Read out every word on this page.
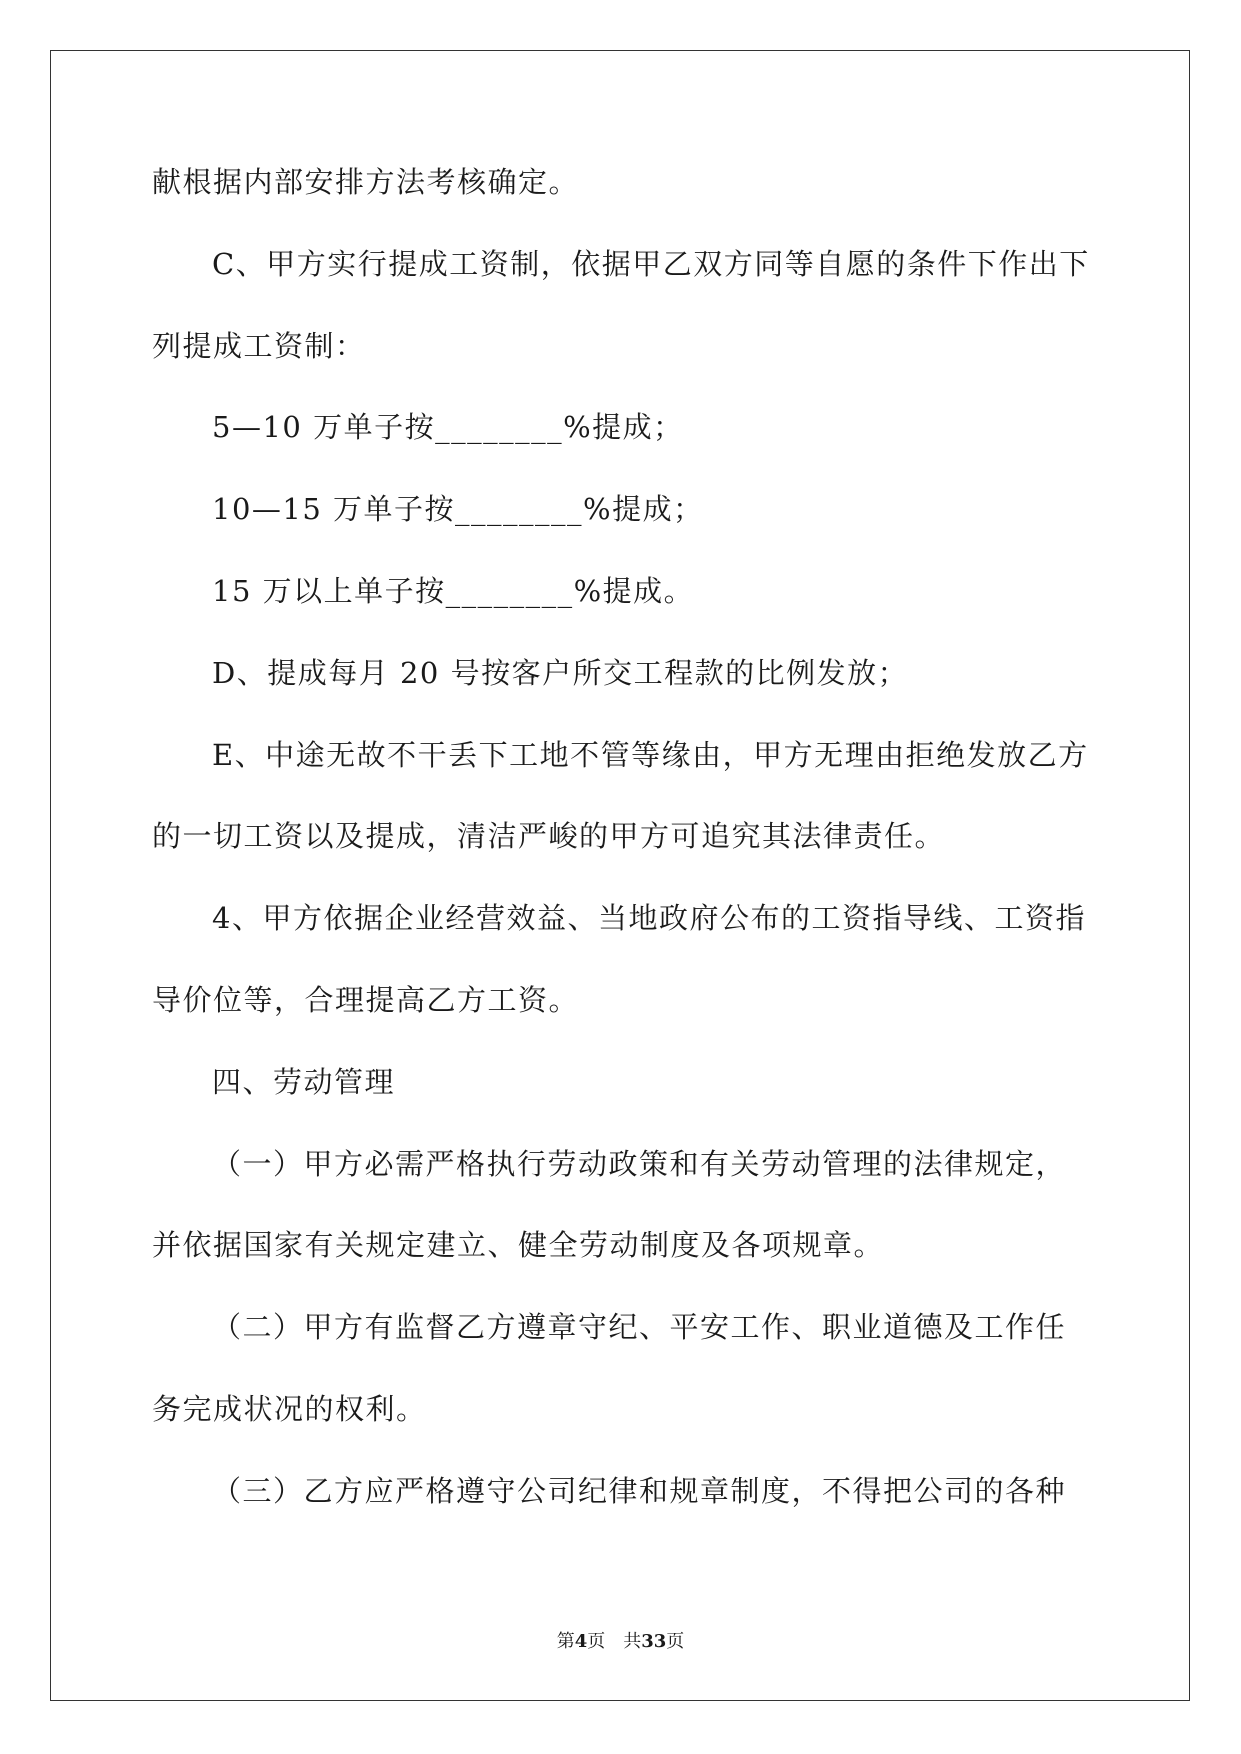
献根据内部安排方法考核确定。
C、甲方实行提成工资制，依据甲乙双方同等自愿的条件下作出下
列提成工资制：
5—10 万单子按________%提成；
10—15 万单子按________%提成；
15 万以上单子按________%提成。
D、提成每月 20 号按客户所交工程款的比例发放；
E、中途无故不干丢下工地不管等缘由，甲方无理由拒绝发放乙方
的一切工资以及提成，清洁严峻的甲方可追究其法律责任。
4、甲方依据企业经营效益、当地政府公布的工资指导线、工资指
导价位等，合理提高乙方工资。
四、劳动管理
（一）甲方必需严格执行劳动政策和有关劳动管理的法律规定，
并依据国家有关规定建立、健全劳动制度及各项规章。
（二）甲方有监督乙方遵章守纪、平安工作、职业道德及工作任
务完成状况的权利。
（三）乙方应严格遵守公司纪律和规章制度，不得把公司的各种
第4页　共33页
